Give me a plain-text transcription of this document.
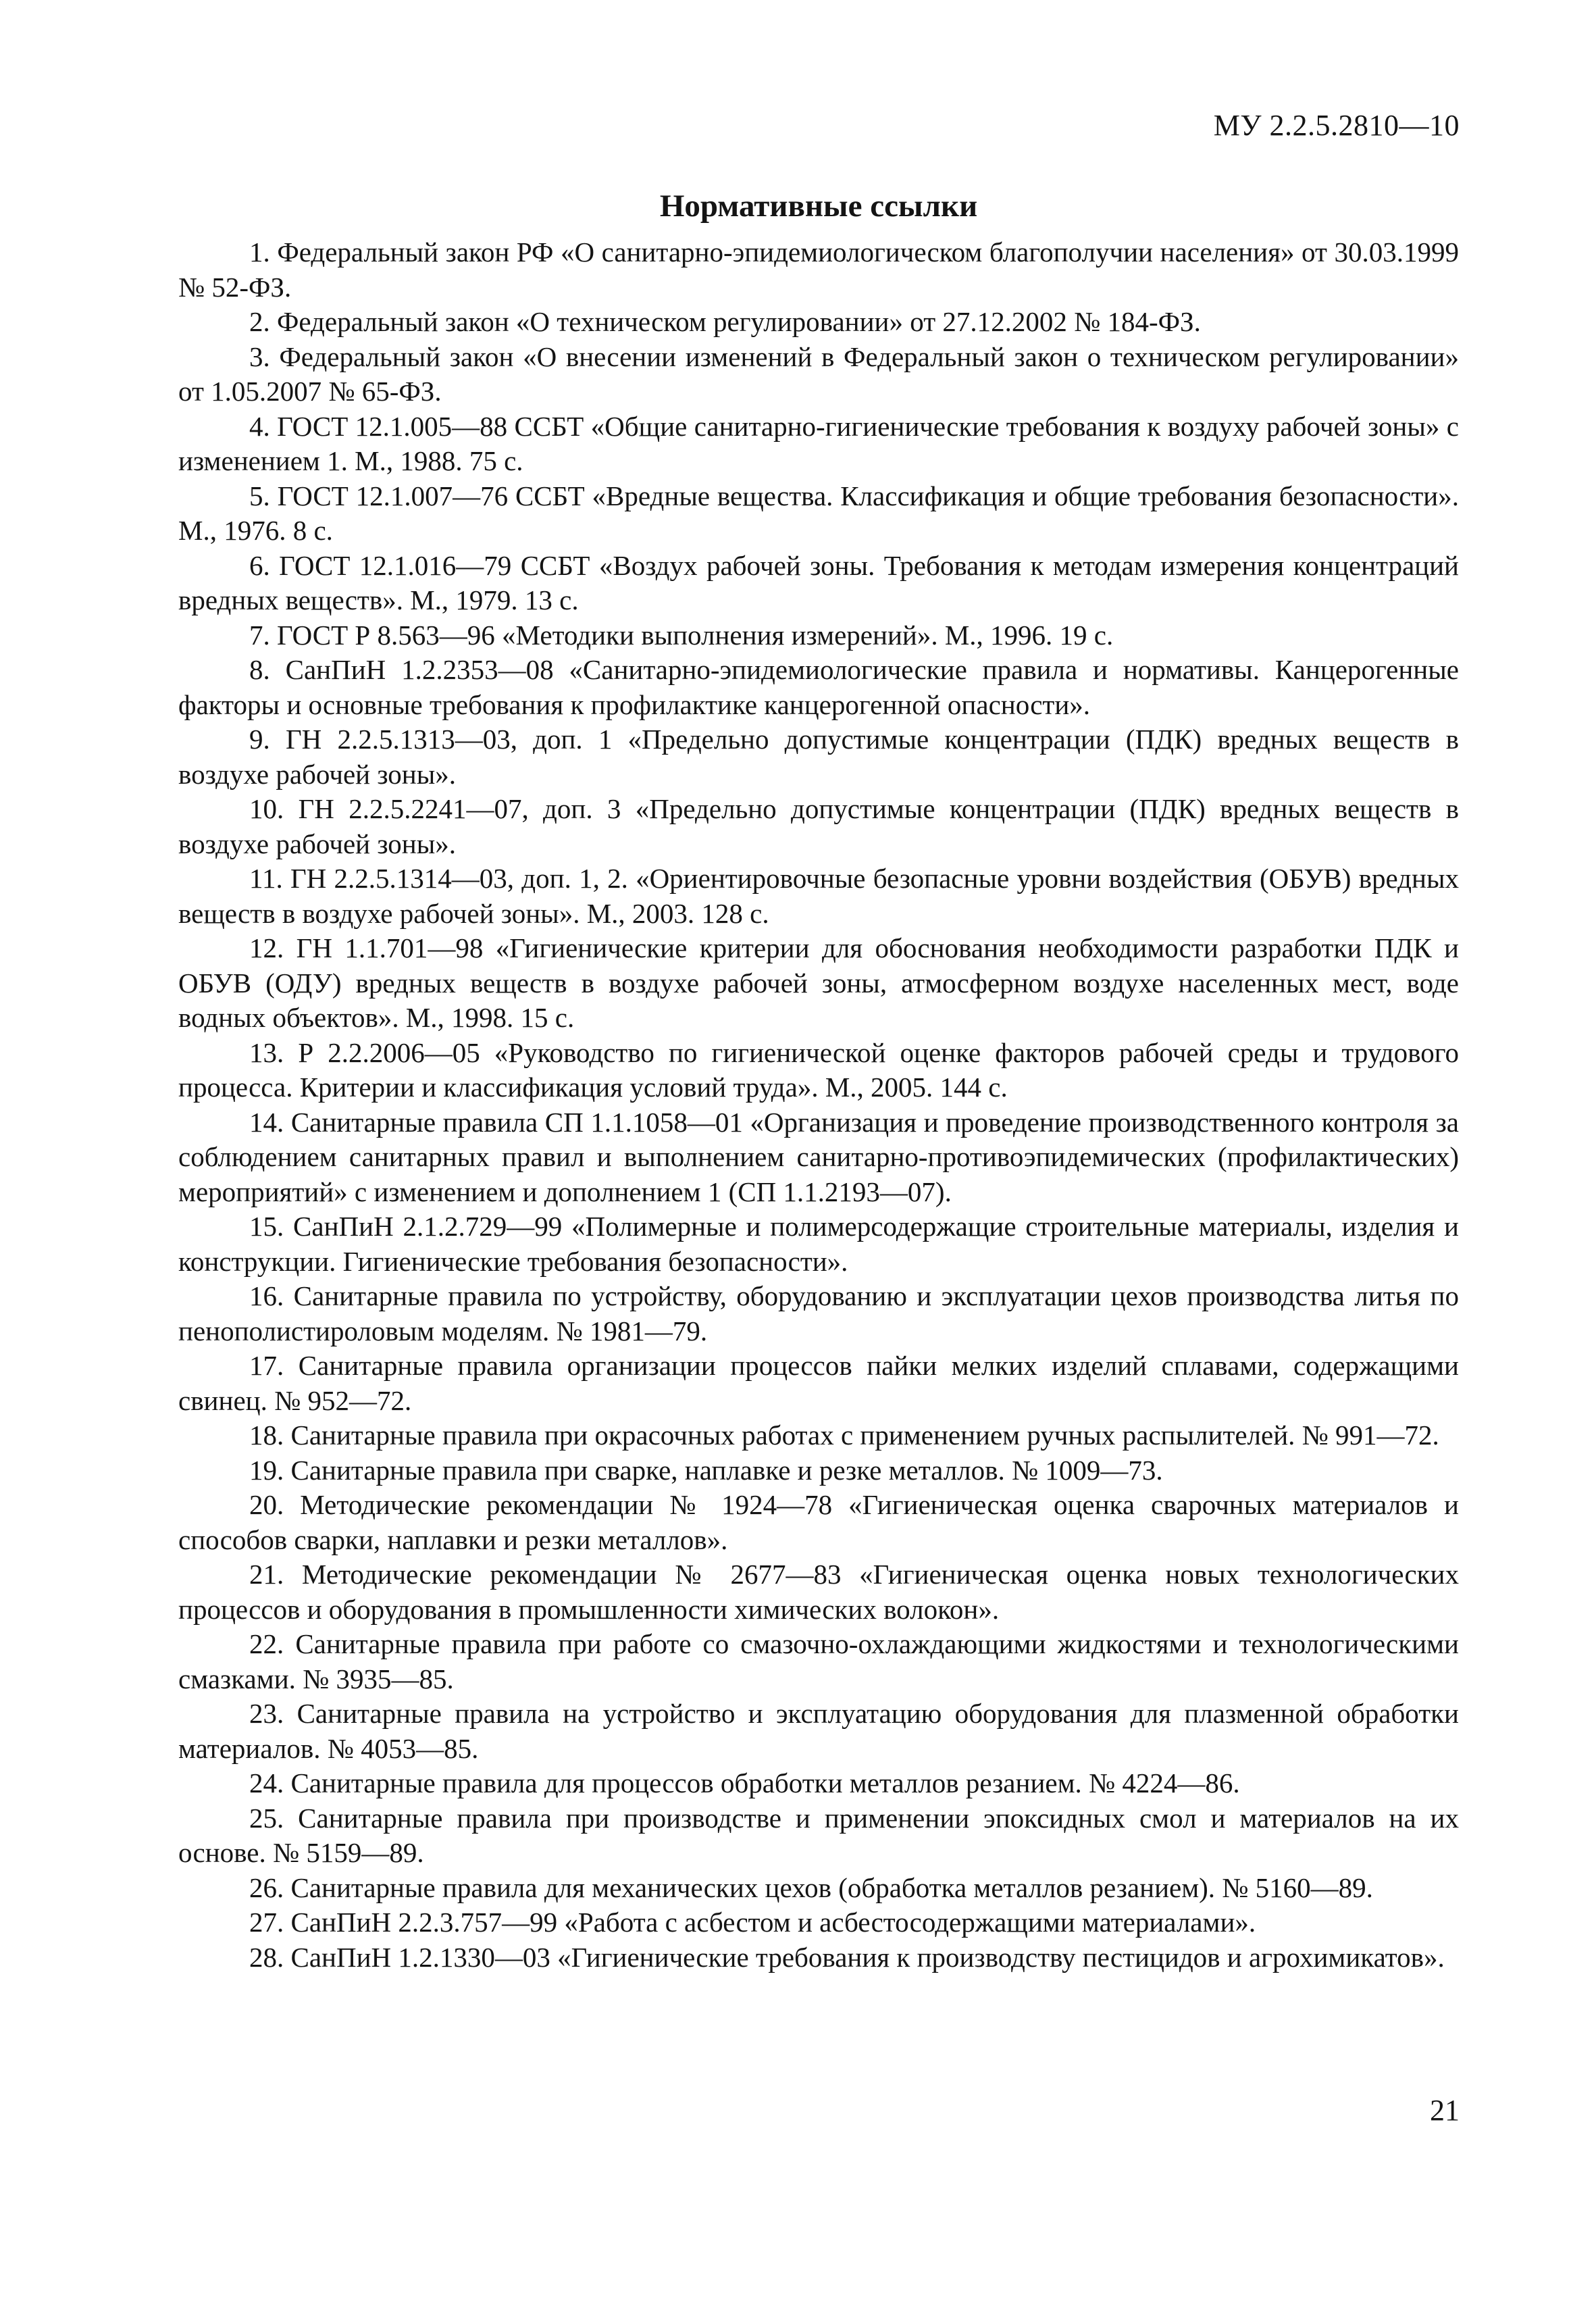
МУ 2.2.5.2810—10
Нормативные ссылки
1. Федеральный закон РФ «О санитарно-эпидемиологическом благополучии населения» от 30.03.1999 № 52-ФЗ.
2. Федеральный закон «О техническом регулировании» от 27.12.2002 № 184-ФЗ.
3. Федеральный закон «О внесении изменений в Федеральный закон о техническом регулировании» от 1.05.2007 № 65-ФЗ.
4. ГОСТ 12.1.005—88 ССБТ «Общие санитарно-гигиенические требования к воздуху рабочей зоны» с изменением 1. М., 1988. 75 с.
5. ГОСТ 12.1.007—76 ССБТ «Вредные вещества. Классификация и общие требования безопасности». М., 1976. 8 с.
6. ГОСТ 12.1.016—79 ССБТ «Воздух рабочей зоны. Требования к методам измерения концентраций вредных веществ». М., 1979. 13 с.
7. ГОСТ Р 8.563—96 «Методики выполнения измерений». М., 1996. 19 с.
8. СанПиН 1.2.2353—08 «Санитарно-эпидемиологические правила и нормативы. Канцерогенные факторы и основные требования к профилактике канцерогенной опасности».
9. ГН 2.2.5.1313—03, доп. 1 «Предельно допустимые концентрации (ПДК) вредных веществ в воздухе рабочей зоны».
10. ГН 2.2.5.2241—07, доп. 3 «Предельно допустимые концентрации (ПДК) вредных веществ в воздухе рабочей зоны».
11. ГН 2.2.5.1314—03, доп. 1, 2. «Ориентировочные безопасные уровни воздействия (ОБУВ) вредных веществ в воздухе рабочей зоны». М., 2003. 128 с.
12. ГН 1.1.701—98 «Гигиенические критерии для обоснования необходимости разработки ПДК и ОБУВ (ОДУ) вредных веществ в воздухе рабочей зоны, атмосферном воздухе населенных мест, воде водных объектов». М., 1998. 15 с.
13. Р 2.2.2006—05 «Руководство по гигиенической оценке факторов рабочей среды и трудового процесса. Критерии и классификация условий труда». М., 2005. 144 с.
14. Санитарные правила СП 1.1.1058—01 «Организация и проведение производственного контроля за соблюдением санитарных правил и выполнением санитарно-противоэпидемических (профилактических) мероприятий» с изменением и дополнением 1 (СП 1.1.2193—07).
15. СанПиН 2.1.2.729—99 «Полимерные и полимерсодержащие строительные материалы, изделия и конструкции. Гигиенические требования безопасности».
16. Санитарные правила по устройству, оборудованию и эксплуатации цехов производства литья по пенополистироловым моделям. № 1981—79.
17. Санитарные правила организации процессов пайки мелких изделий сплавами, содержащими свинец. № 952—72.
18. Санитарные правила при окрасочных работах с применением ручных распылителей. № 991—72.
19. Санитарные правила при сварке, наплавке и резке металлов. № 1009—73.
20. Методические рекомендации № 1924—78 «Гигиеническая оценка сварочных материалов и способов сварки, наплавки и резки металлов».
21. Методические рекомендации № 2677—83 «Гигиеническая оценка новых технологических процессов и оборудования в промышленности химических волокон».
22. Санитарные правила при работе со смазочно-охлаждающими жидкостями и технологическими смазками. № 3935—85.
23. Санитарные правила на устройство и эксплуатацию оборудования для плазменной обработки материалов. № 4053—85.
24. Санитарные правила для процессов обработки металлов резанием. № 4224—86.
25. Санитарные правила при производстве и применении эпоксидных смол и материалов на их основе. № 5159—89.
26. Санитарные правила для механических цехов (обработка металлов резанием). № 5160—89.
27. СанПиН 2.2.3.757—99 «Работа с асбестом и асбестосодержащими материалами».
28. СанПиН 1.2.1330—03 «Гигиенические требования к производству пестицидов и агрохимикатов».
21
